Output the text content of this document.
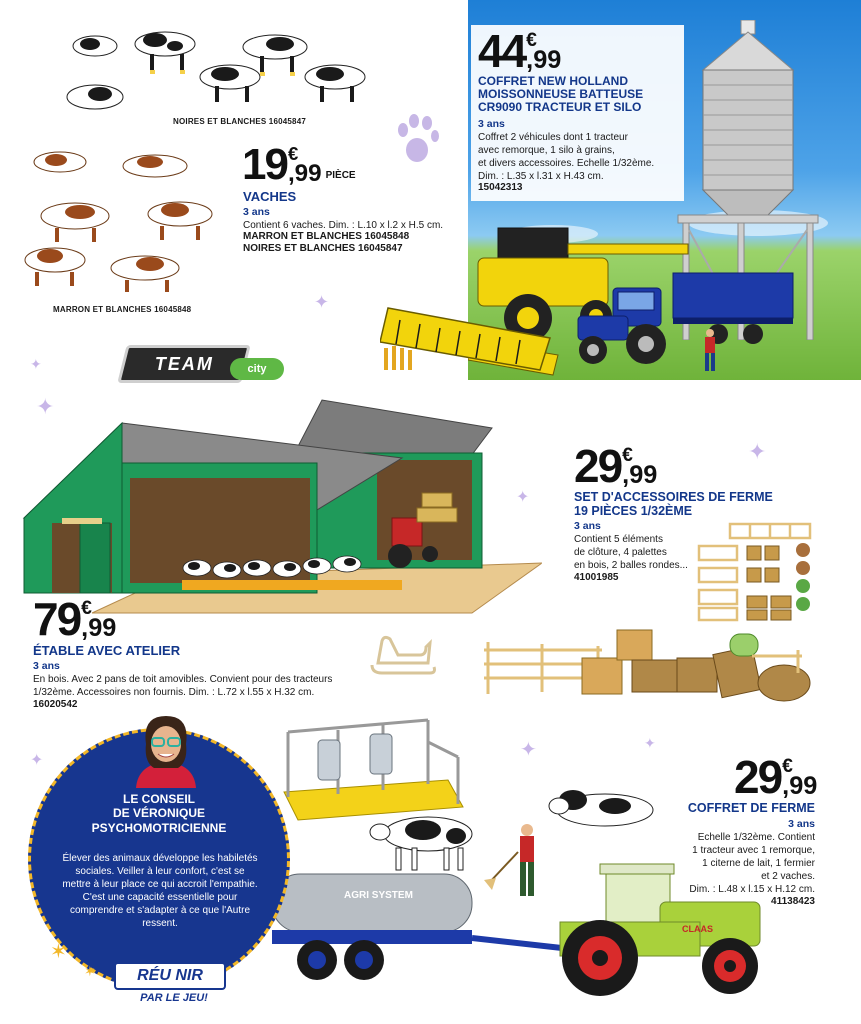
NOIRES ET BLANCHES 16045847
MARRON ET BLANCHES 16045848
19 €
,99 PIÈCE
VACHES
3 ans
Contient 6 vaches. Dim. : L.10 x l.2 x H.5 cm.
MARRON ET BLANCHES 16045848
NOIRES ET BLANCHES 16045847
44 €
,99
COFFRET NEW HOLLAND
MOISSONNEUSE BATTEUSE
CR9090 TRACTEUR ET SILO
3 ans
Coffret 2 véhicules dont 1 tracteur
avec remorque, 1 silo à grains,
et divers accessoires. Echelle 1/32ème.
Dim. : L.35 x l.31 x H.43 cm.
15042313
✦
✦
✦
✦
✦
✦	✦
✦
TEAM	city
79 €
,99
ÉTABLE AVEC ATELIER
3 ans
En bois. Avec 2 pans de toit amovibles. Convient pour des tracteurs
1/32ème. Accessoires non fournis. Dim. : L.72 x l.55 x H.32 cm.
16020542
29 €
,99
SET D'ACCESSOIRES DE FERME
19 PIÈCES 1/32ÈME
3 ans
Contient 5 éléments
de clôture, 4 palettes
en bois, 2 balles rondes...
41001985
AGRI SYSTEM
CLAAS
29 €
,99
COFFRET DE FERME
3 ans
Echelle 1/32ème. Contient
1 tracteur avec 1 remorque,
1 citerne de lait, 1 fermier
et 2 vaches.
Dim. : L.48 x l.15 x H.12 cm.
41138423
LE CONSEIL
DE VÉRONIQUE
PSYCHOMOTRICIENNE
Élever des animaux développe les habiletés sociales. Veiller à leur confort, c'est se mettre à leur place ce qui accroit l'empathie. C'est une capacité essentielle pour comprendre et s'adapter à ce que l'Autre ressent.
✶
✶	RÉU NIR
PAR LE JEU!
